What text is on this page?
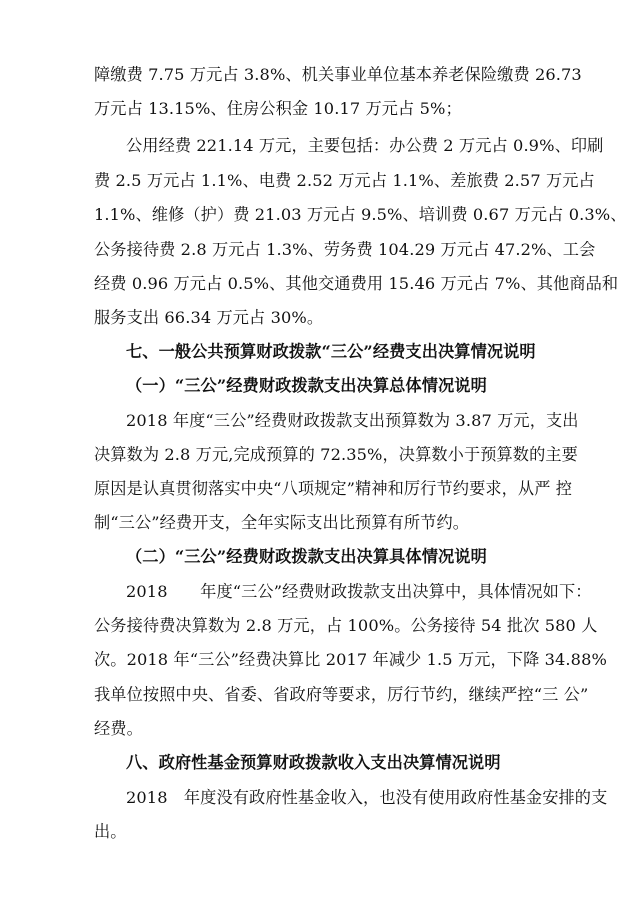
障缴费 7.75 万元占 3.8%、机关事业单位基本养老保险缴费 26.73
万元占 13.15%、住房公积金 10.17 万元占 5%；
公用经费 221.14 万元，主要包括：办公费 2 万元占 0.9%、印刷
费 2.5 万元占 1.1%、电费 2.52 万元占 1.1%、差旅费 2.57 万元占
1.1%、维修（护）费 21.03 万元占 9.5%、培训费 0.67 万元占 0.3%、
公务接待费 2.8 万元占 1.3%、劳务费 104.29 万元占 47.2%、工会
经费 0.96 万元占 0.5%、其他交通费用 15.46 万元占 7%、其他商品和
服务支出 66.34 万元占 30%。
七、一般公共预算财政拨款“三公”经费支出决算情况说明
（一）“三公”经费财政拨款支出决算总体情况说明
2018 年度“三公”经费财政拨款支出预算数为 3.87 万元，支出
决算数为 2.8 万元,完成预算的 72.35%，决算数小于预算数的主要
原因是认真贯彻落实中央“八项规定”精神和厉行节约要求，从严 控
制“三公”经费开支，全年实际支出比预算有所节约。
（二）“三公”经费财政拨款支出决算具体情况说明
2018　　年度“三公”经费财政拨款支出决算中，具体情况如下：
公务接待费决算数为 2.8 万元，占 100%。公务接待 54 批次 580 人
次。2018 年“三公”经费决算比 2017 年减少 1.5 万元，下降 34.88%
我单位按照中央、省委、省政府等要求，厉行节约，继续严控“三 公”
经费。
八、政府性基金预算财政拨款收入支出决算情况说明
2018　年度没有政府性基金收入，也没有使用政府性基金安排的支
出。
